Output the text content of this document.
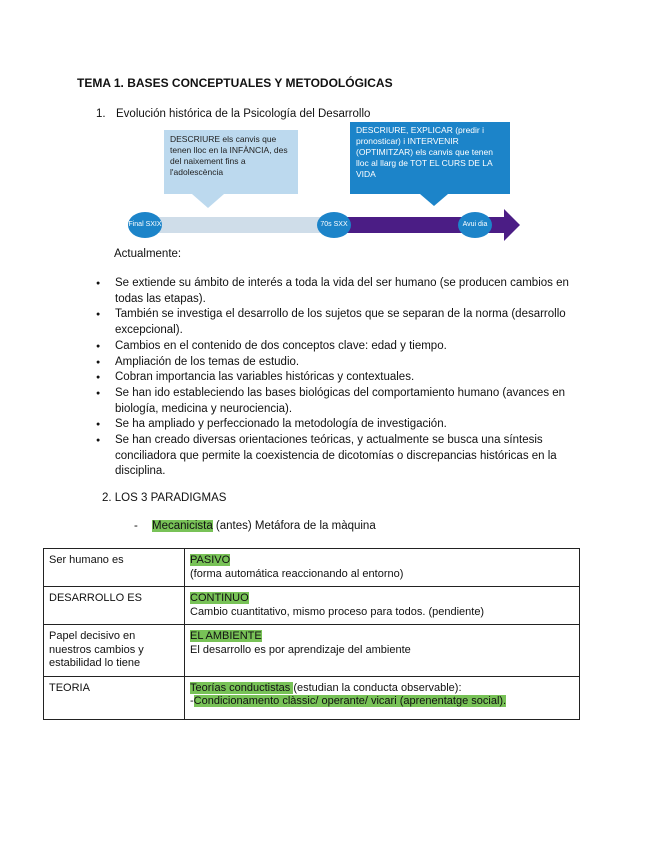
TEMA 1. BASES CONCEPTUALES Y METODOLÓGICAS
1. Evolución histórica de la Psicología del Desarrollo
DESCRIURE els canvis que tenen lloc en la INFÀNCIA, des del naixement fins a l'adolescència
DESCRIURE, EXPLICAR (predir i pronosticar) i INTERVENIR (OPTIMITZAR) els canvis que tenen lloc al llarg de TOT EL CURS DE LA VIDA
Final SXIX	70s SXX	Avui dia
Actualmente:
● Se extiende su ámbito de interés a toda la vida del ser humano (se producen cambios en todas las etapas).
● También se investiga el desarrollo de los sujetos que se separan de la norma (desarrollo excepcional).
● Cambios en el contenido de dos conceptos clave: edad y tiempo.
● Ampliación de los temas de estudio.
● Cobran importancia las variables históricas y contextuales.
● Se han ido estableciendo las bases biológicas del comportamiento humano (avances en biología, medicina y neurociencia).
● Se ha ampliado y perfeccionado la metodología de investigación.
● Se han creado diversas orientaciones teóricas, y actualmente se busca una síntesis conciliadora que permite la coexistencia de dicotomías o discrepancias históricas en la disciplina.
2. LOS 3 PARADIGMAS
- Mecanicista (antes) Metáfora de la màquina
Ser humano es	PASIVO
(forma automática reaccionando al entorno)
DESARROLLO ES	CONTINUO
Cambio cuantitativo, mismo proceso para todos. (pendiente)
Papel decisivo en nuestros cambios y estabilidad lo tiene	EL AMBIENTE
El desarrollo es por aprendizaje del ambiente
TEORIA	Teorías conductistas (estudian la conducta observable):
-Condicionamento clàssic/ operante/ vicari (aprenentatge social).
